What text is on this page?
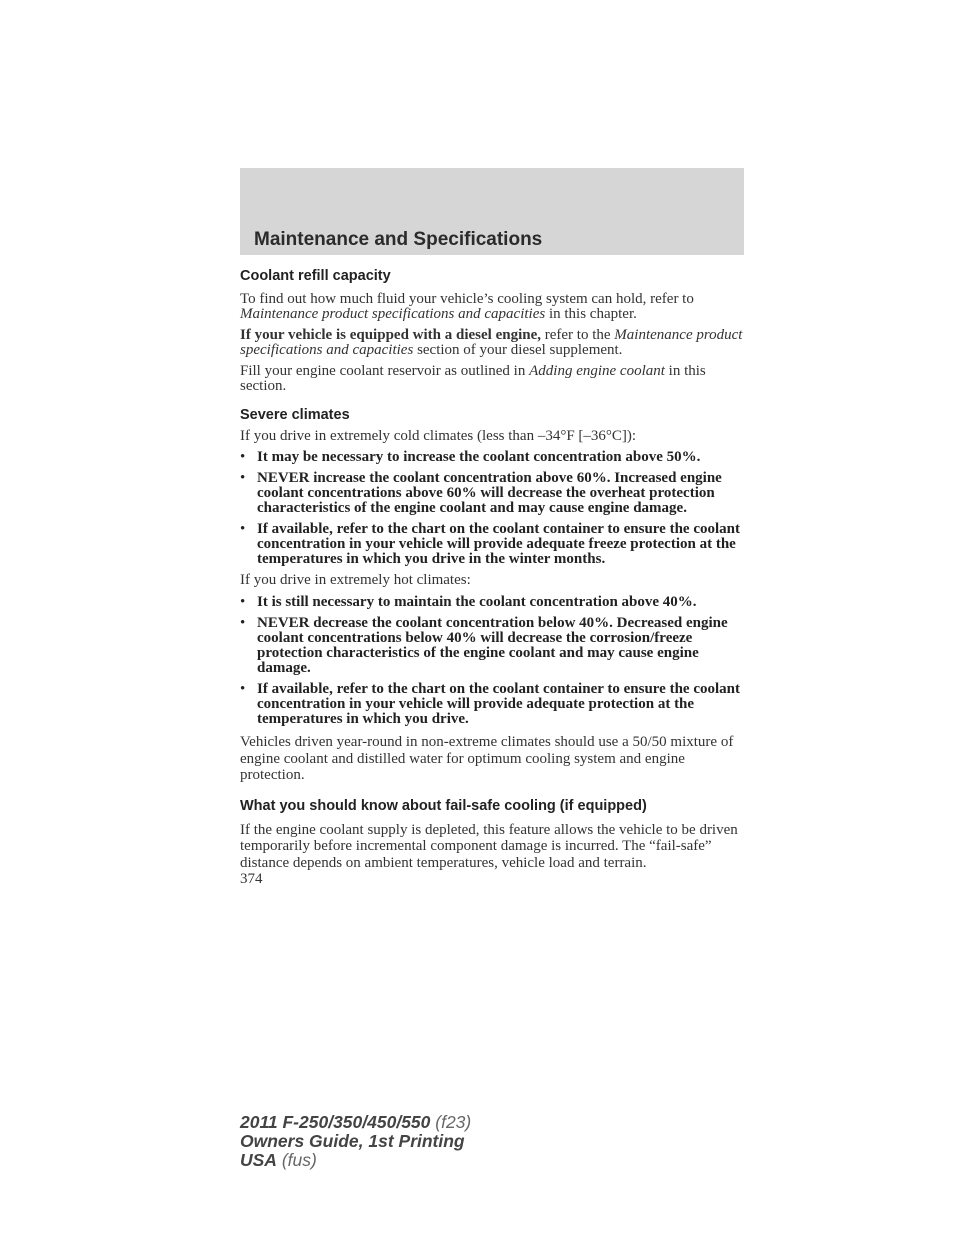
Maintenance and Specifications
Coolant refill capacity

To find out how much fluid your vehicle’s cooling system can hold, refer to Maintenance product specifications and capacities in this chapter.

If your vehicle is equipped with a diesel engine, refer to the Maintenance product specifications and capacities section of your diesel supplement.

Fill your engine coolant reservoir as outlined in Adding engine coolant in this section.

Severe climates

If you drive in extremely cold climates (less than –34°F [–36°C]):

• It may be necessary to increase the coolant concentration above 50%.
• NEVER increase the coolant concentration above 60%. Increased engine coolant concentrations above 60% will decrease the overheat protection characteristics of the engine coolant and may cause engine damage.
• If available, refer to the chart on the coolant container to ensure the coolant concentration in your vehicle will provide adequate freeze protection at the temperatures in which you drive in the winter months.

If you drive in extremely hot climates:

• It is still necessary to maintain the coolant concentration above 40%.
• NEVER decrease the coolant concentration below 40%. Decreased engine coolant concentrations below 40% will decrease the corrosion/freeze protection characteristics of the engine coolant and may cause engine damage.
• If available, refer to the chart on the coolant container to ensure the coolant concentration in your vehicle will provide adequate protection at the temperatures in which you drive.

Vehicles driven year-round in non-extreme climates should use a 50/50 mixture of engine coolant and distilled water for optimum cooling system and engine protection.

What you should know about fail-safe cooling (if equipped)

If the engine coolant supply is depleted, this feature allows the vehicle to be driven temporarily before incremental component damage is incurred. The “fail-safe” distance depends on ambient temperatures, vehicle load and terrain.

374

2011 F-250/350/450/550 (f23)
Owners Guide, 1st Printing
USA (fus)
